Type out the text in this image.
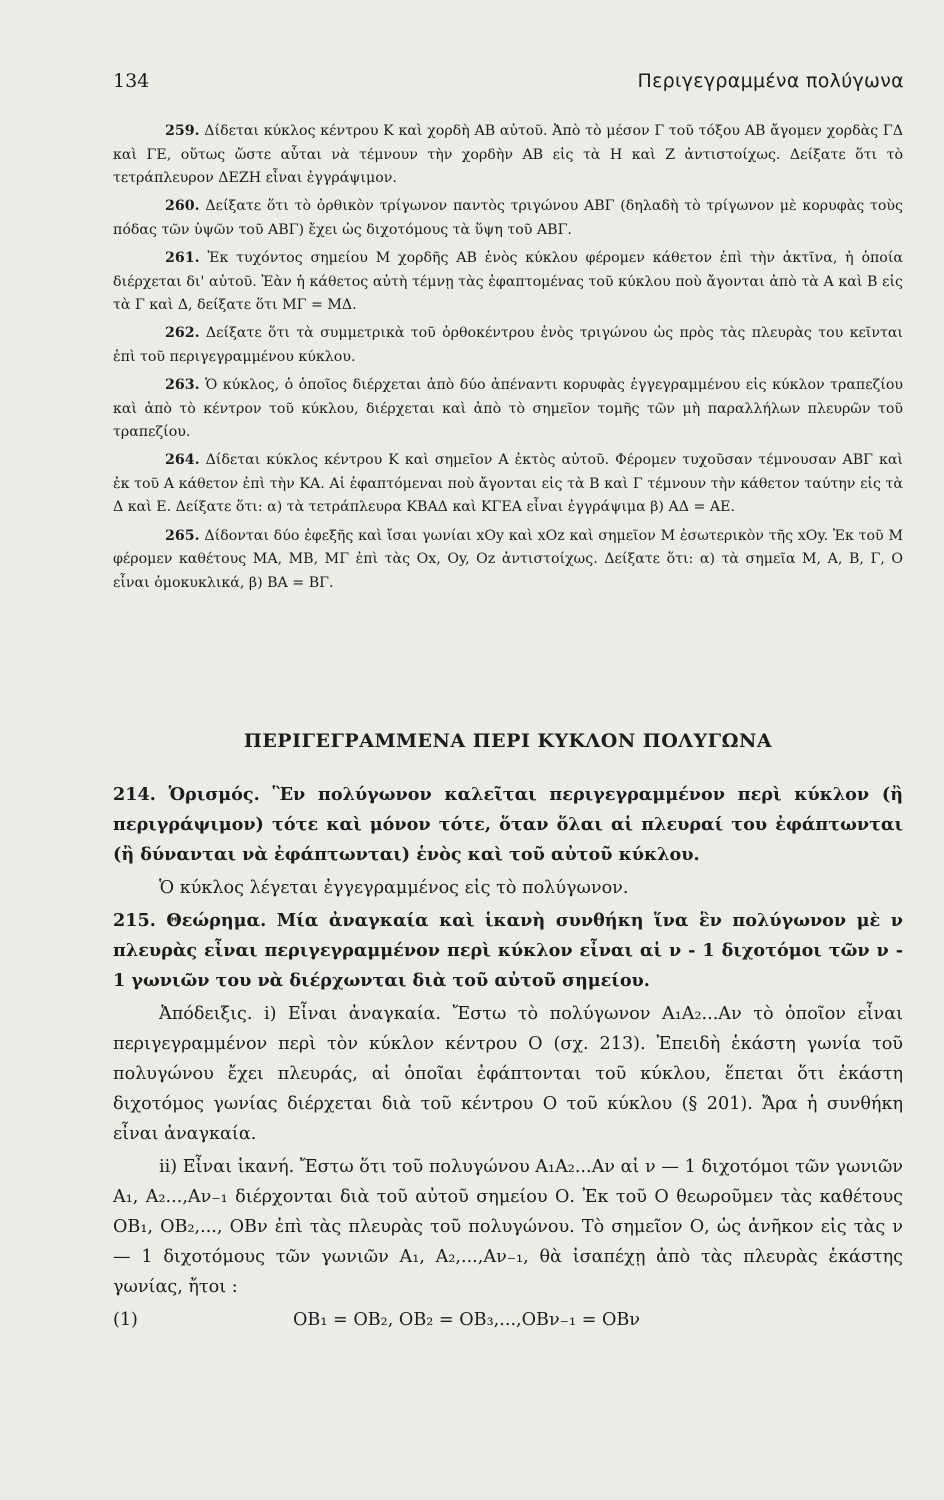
134	Περιγεγραμμένα πολύγωνα

259. Δίδεται κύκλος κέντρου Κ καὶ χορδὴ ΑΒ αὐτοῦ. Ἀπὸ τὸ μέσον Γ τοῦ τόξου ΑΒ ἄγομεν χορδὰς ΓΔ καὶ ΓΕ, οὕτως ὥστε αὗται νὰ τέμνουν τὴν χορδὴν ΑΒ εἰς τὰ Η καὶ Ζ ἀντιστοίχως. Δείξατε ὅτι τὸ τετράπλευρον ΔΕΖΗ εἶναι ἐγγράψιμον.

260. Δείξατε ὅτι τὸ ὀρθικὸν τρίγωνον παντὸς τριγώνου ΑΒΓ (δηλαδὴ τὸ τρίγωνον μὲ κορυφὰς τοὺς πόδας τῶν ὑψῶν τοῦ ΑΒΓ) ἔχει ὡς διχοτόμους τὰ ὕψη τοῦ ΑΒΓ.

261. Ἐκ τυχόντος σημείου Μ χορδῆς ΑΒ ἑνὸς κύκλου φέρομεν κάθετον ἐπὶ τὴν ἀκτῖνα, ἡ ὁποία διέρχεται δι' αὐτοῦ. Ἐὰν ἡ κάθετος αὐτὴ τέμνῃ τὰς ἐφαπτομένας τοῦ κύκλου ποὺ ἄγονται ἀπὸ τὰ Α καὶ Β εἰς τὰ Γ καὶ Δ, δείξατε ὅτι ΜΓ = ΜΔ.

262. Δείξατε ὅτι τὰ συμμετρικὰ τοῦ ὀρθοκέντρου ἑνὸς τριγώνου ὡς πρὸς τὰς πλευρὰς του κεῖνται ἐπὶ τοῦ περιγεγραμμένου κύκλου.

263. Ὁ κύκλος, ὁ ὁποῖος διέρχεται ἀπὸ δύο ἀπέναντι κορυφὰς ἐγγεγραμμένου εἰς κύκλον τραπεζίου καὶ ἀπὸ τὸ κέντρον τοῦ κύκλου, διέρχεται καὶ ἀπὸ τὸ σημεῖον τομῆς τῶν μὴ παραλλήλων πλευρῶν τοῦ τραπεζίου.

264. Δίδεται κύκλος κέντρου Κ καὶ σημεῖον Α ἐκτὸς αὐτοῦ. Φέρομεν τυχοῦσαν τέμνουσαν ΑΒΓ καὶ ἐκ τοῦ Α κάθετον ἐπὶ τὴν ΚΑ. Αἱ ἐφαπτόμεναι ποὺ ἄγονται εἰς τὰ Β καὶ Γ τέμνουν τὴν κάθετον ταύτην εἰς τὰ Δ καὶ Ε. Δείξατε ὅτι: α) τὰ τετράπλευρα ΚΒΑΔ καὶ ΚΓΕΑ εἶναι ἐγγράψιμα β) ΑΔ = ΑΕ.

265. Δίδονται δύο ἐφεξῆς καὶ ἴσαι γωνίαι xOy καὶ xOz καὶ σημεῖον Μ ἐσωτερικὸν τῆς xOy. Ἐκ τοῦ Μ φέρομεν καθέτους ΜΑ, ΜΒ, ΜΓ ἐπὶ τὰς Οx, Οy, Οz ἀντιστοίχως. Δείξατε ὅτι: α) τὰ σημεῖα Μ, Α, Β, Γ, Ο εἶναι ὁμοκυκλικά, β) ΒΑ = ΒΓ.

ΠΕΡΙΓΕΓΡΑΜΜΕΝΑ ΠΕΡΙ ΚΥΚΛΟΝ ΠΟΛΥΓΩΝΑ

214. Ὁρισμός. Ἓν πολύγωνον καλεῖται περιγεγραμμένον περὶ κύκλον (ἢ περιγράψιμον) τότε καὶ μόνον τότε, ὅταν ὅλαι αἱ πλευραί του ἐφάπτωνται (ἢ δύνανται νὰ ἐφάπτωνται) ἑνὸς καὶ τοῦ αὐτοῦ κύκλου.

Ὁ κύκλος λέγεται ἐγγεγραμμένος εἰς τὸ πολύγωνον.

215. Θεώρημα. Μία ἀναγκαία καὶ ἱκανὴ συνθήκη ἵνα ἓν πολύγωνον μὲ ν πλευρὰς εἶναι περιγεγραμμένον περὶ κύκλον εἶναι αἱ ν - 1 διχοτόμοι τῶν ν - 1 γωνιῶν του νὰ διέρχωνται διὰ τοῦ αὐτοῦ σημείου.

Ἀπόδειξις. i) Εἶναι ἀναγκαία. Ἔστω τὸ πολύγωνον Α₁Α₂...Αν τὸ ὁποῖον εἶναι περιγεγραμμένον περὶ τὸν κύκλον κέντρου Ο (σχ. 213). Ἐπειδὴ ἑκάστη γωνία τοῦ πολυγώνου ἔχει πλευράς, αἱ ὁποῖαι ἐφάπτονται τοῦ κύκλου, ἕπεται ὅτι ἑκάστη διχοτόμος γωνίας διέρχεται διὰ τοῦ κέντρου Ο τοῦ κύκλου (§ 201). Ἄρα ἡ συνθήκη εἶναι ἀναγκαία.

ii) Εἶναι ἱκανή. Ἔστω ὅτι τοῦ πολυγώνου Α₁Α₂...Αν αἱ ν — 1 διχοτόμοι τῶν γωνιῶν Α₁, Α₂...,Αν₋₁ διέρχονται διὰ τοῦ αὐτοῦ σημείου Ο. Ἐκ τοῦ Ο θεωροῦμεν τὰς καθέτους ΟΒ₁, ΟΒ₂,..., ΟΒν ἐπὶ τὰς πλευρὰς τοῦ πολυγώνου. Τὸ σημεῖον Ο, ὡς ἀνῆκον εἰς τὰς ν — 1 διχοτόμους τῶν γωνιῶν Α₁, Α₂,...,Αν₋₁, θὰ ἰσαπέχῃ ἀπὸ τὰς πλευρὰς ἑκάστης γωνίας, ἤτοι :

(1)	ΟΒ₁ = ΟΒ₂, ΟΒ₂ = ΟΒ₃,...,ΟΒν₋₁ = ΟΒν
